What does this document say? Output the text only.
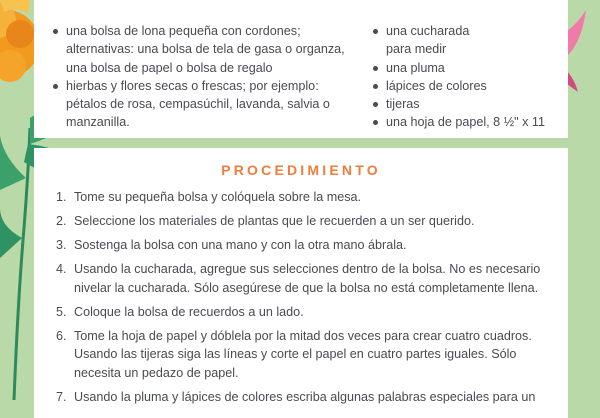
una bolsa de lona pequeña con cordones; alternativas: una bolsa de tela de gasa o organza, una bolsa de papel o bolsa de regalo
hierbas y flores secas o frescas; por ejemplo: pétalos de rosa, cempasúchil, lavanda, salvia o manzanilla.
una cucharada para medir
una pluma
lápices de colores
tijeras
una hoja de papel, 8 ½" x 11
PROCEDIMIENTO
1. Tome su pequeña bolsa y colóquela sobre la mesa.
2. Seleccione los materiales de plantas que le recuerden a un ser querido.
3. Sostenga la bolsa con una mano y con la otra mano ábrala.
4. Usando la cucharada, agregue sus selecciones dentro de la bolsa. No es necesario nivelar la cucharada. Sólo asegúrese de que la bolsa no está completamente llena.
5. Coloque la bolsa de recuerdos a un lado.
6. Tome la hoja de papel y dóblela por la mitad dos veces para crear cuatro cuadros. Usando las tijeras siga las líneas y corte el papel en cuatro partes iguales. Sólo necesita un pedazo de papel.
7. Usando la pluma y lápices de colores escriba algunas palabras especiales para un
